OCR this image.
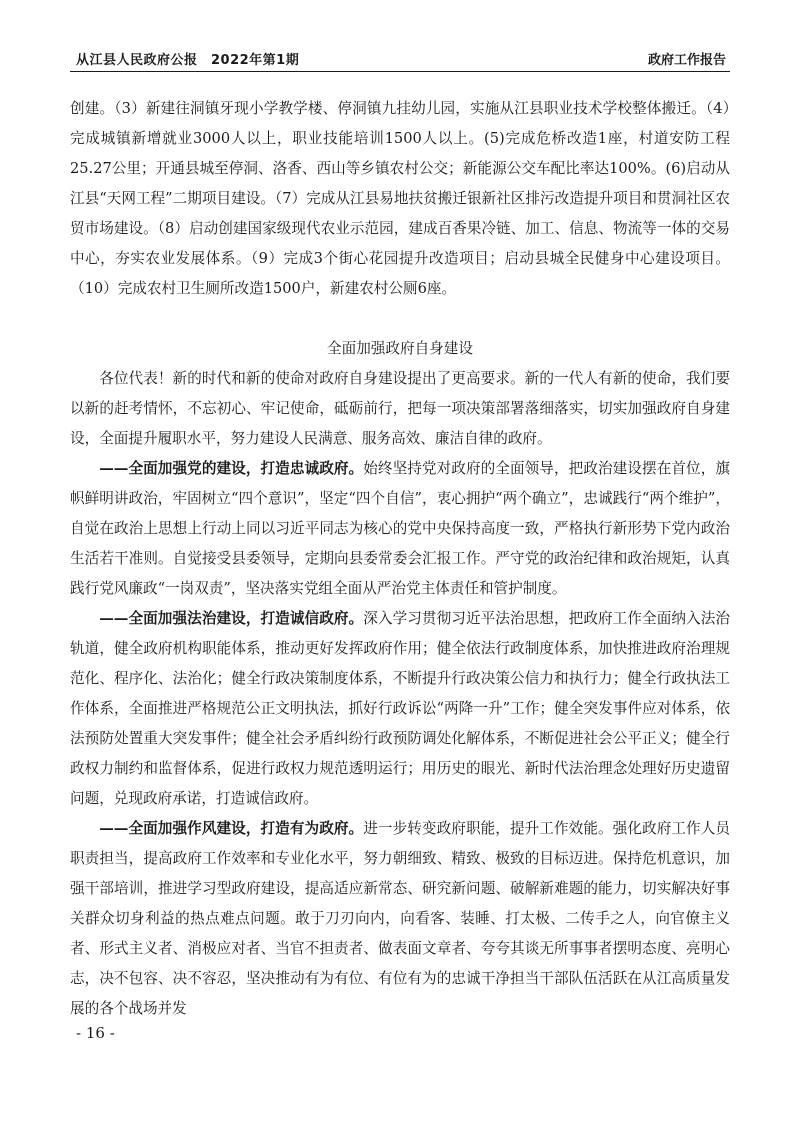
从江县人民政府公报　2022年第1期	政府工作报告

创建。（3）新建往洞镇牙现小学教学楼、停洞镇九挂幼儿园，实施从江县职业技术学校整体搬迁。（4）完成城镇新增就业3000人以上，职业技能培训1500人以上。(5)完成危桥改造1座，村道安防工程25.27公里；开通县城至停洞、洛香、西山等乡镇农村公交；新能源公交车配比率达100%。(6)启动从江县“天网工程”二期项目建设。（7）完成从江县易地扶贫搬迁银新社区排污改造提升项目和贯洞社区农贸市场建设。（8）启动创建国家级现代农业示范园，建成百香果冷链、加工、信息、物流等一体的交易中心，夯实农业发展体系。（9）完成3个街心花园提升改造项目；启动县城全民健身中心建设项目。（10）完成农村卫生厕所改造1500户，新建农村公厕6座。

全面加强政府自身建设

各位代表！新的时代和新的使命对政府自身建设提出了更高要求。新的一代人有新的使命，我们要以新的赶考情怀，不忘初心、牢记使命，砥砺前行，把每一项决策部署落细落实，切实加强政府自身建设，全面提升履职水平，努力建设人民满意、服务高效、廉洁自律的政府。

——全面加强党的建设，打造忠诚政府。始终坚持党对政府的全面领导，把政治建设摆在首位，旗帜鲜明讲政治，牢固树立“四个意识”，坚定“四个自信”，衷心拥护“两个确立”，忠诚践行“两个维护”，自觉在政治上思想上行动上同以习近平同志为核心的党中央保持高度一致，严格执行新形势下党内政治生活若干准则。自觉接受县委领导，定期向县委常委会汇报工作。严守党的政治纪律和政治规矩，认真践行党风廉政“一岗双责”，坚决落实党组全面从严治党主体责任和管护制度。

——全面加强法治建设，打造诚信政府。深入学习贯彻习近平法治思想，把政府工作全面纳入法治轨道，健全政府机构职能体系，推动更好发挥政府作用；健全依法行政制度体系，加快推进政府治理规范化、程序化、法治化；健全行政决策制度体系，不断提升行政决策公信力和执行力；健全行政执法工作体系，全面推进严格规范公正文明执法，抓好行政诉讼“两降一升”工作；健全突发事件应对体系，依法预防处置重大突发事件；健全社会矛盾纠纷行政预防调处化解体系，不断促进社会公平正义；健全行政权力制约和监督体系，促进行政权力规范透明运行；用历史的眼光、新时代法治理念处理好历史遗留问题，兑现政府承诺，打造诚信政府。

——全面加强作风建设，打造有为政府。进一步转变政府职能，提升工作效能。强化政府工作人员职责担当，提高政府工作效率和专业化水平，努力朝细致、精致、极致的目标迈进。保持危机意识，加强干部培训，推进学习型政府建设，提高适应新常态、研究新问题、破解新难题的能力，切实解决好事关群众切身利益的热点难点问题。敢于刀刃向内，向看客、装睡、打太极、二传手之人，向官僚主义者、形式主义者、消极应对者、当官不担责者、做表面文章者、夸夸其谈无所事事者摆明态度、亮明心志，决不包容、决不容忍，坚决推动有为有位、有位有为的忠诚干净担当干部队伍活跃在从江高质量发展的各个战场并发

- 16 -
